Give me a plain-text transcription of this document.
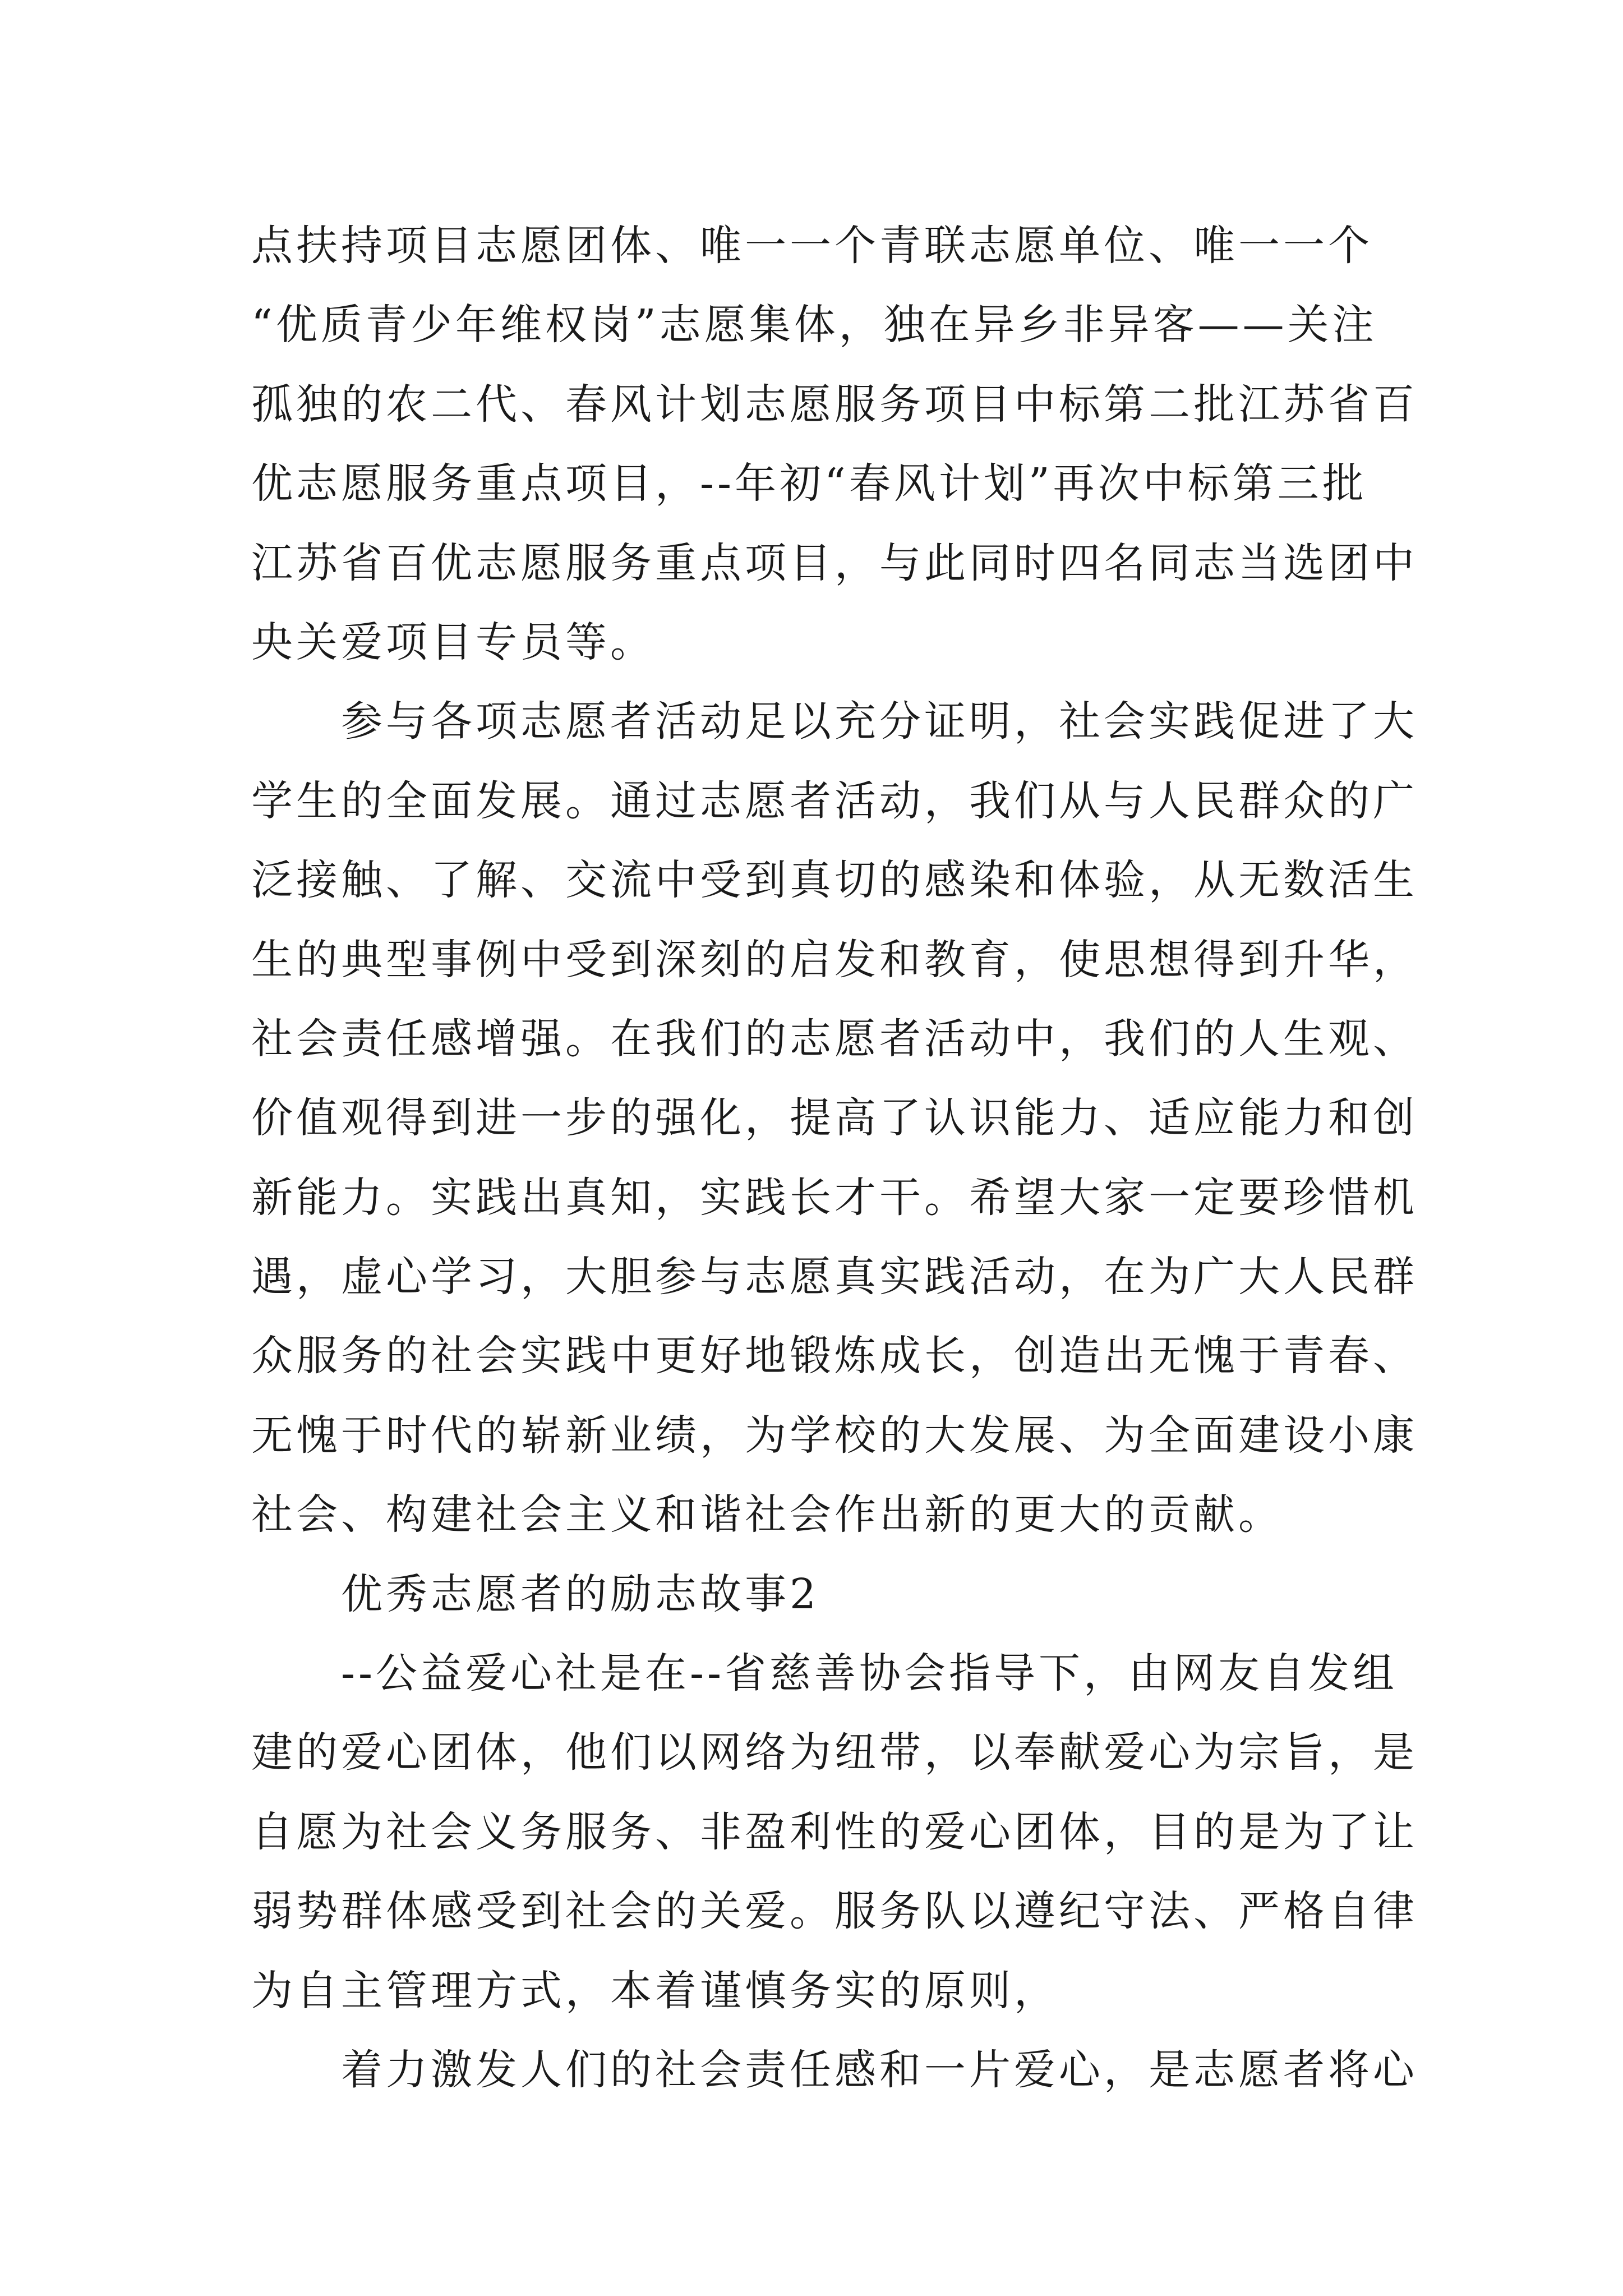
点扶持项目志愿团体、唯一一个青联志愿单位、唯一一个
“优质青少年维权岗”志愿集体，独在异乡非异客——关注
孤独的农二代、春风计划志愿服务项目中标第二批江苏省百
优志愿服务重点项目，--年初“春风计划”再次中标第三批
江苏省百优志愿服务重点项目，与此同时四名同志当选团中
央关爱项目专员等。
参与各项志愿者活动足以充分证明，社会实践促进了大
学生的全面发展。通过志愿者活动，我们从与人民群众的广
泛接触、了解、交流中受到真切的感染和体验，从无数活生
生的典型事例中受到深刻的启发和教育，使思想得到升华，
社会责任感增强。在我们的志愿者活动中，我们的人生观、
价值观得到进一步的强化，提高了认识能力、适应能力和创
新能力。实践出真知，实践长才干。希望大家一定要珍惜机
遇，虚心学习，大胆参与志愿真实践活动，在为广大人民群
众服务的社会实践中更好地锻炼成长，创造出无愧于青春、
无愧于时代的崭新业绩，为学校的大发展、为全面建设小康
社会、构建社会主义和谐社会作出新的更大的贡献。
优秀志愿者的励志故事2
--公益爱心社是在--省慈善协会指导下，由网友自发组
建的爱心团体，他们以网络为纽带，以奉献爱心为宗旨，是
自愿为社会义务服务、非盈利性的爱心团体，目的是为了让
弱势群体感受到社会的关爱。服务队以遵纪守法、严格自律
为自主管理方式，本着谨慎务实的原则，
着力激发人们的社会责任感和一片爱心，是志愿者将心
